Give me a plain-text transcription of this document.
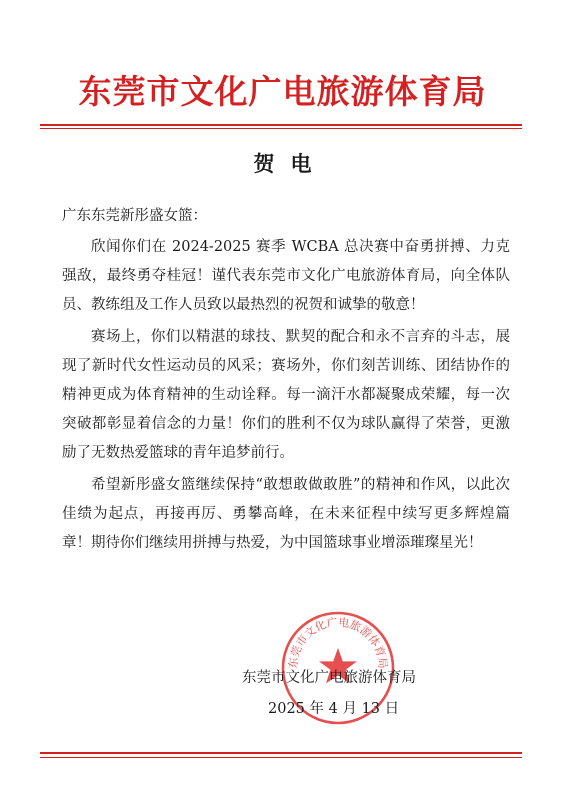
东莞市文化广电旅游体育局
贺电
广东东莞新彤盛女篮：

欣闻你们在 2024-2025 赛季 WCBA 总决赛中奋勇拼搏、力克强敌，最终勇夺桂冠！谨代表东莞市文化广电旅游体育局，向全体队员、教练组及工作人员致以最热烈的祝贺和诚挚的敬意！

赛场上，你们以精湛的球技、默契的配合和永不言弃的斗志，展现了新时代女性运动员的风采；赛场外，你们刻苦训练、团结协作的精神更成为体育精神的生动诠释。每一滴汗水都凝聚成荣耀，每一次突破都彰显着信念的力量！你们的胜利不仅为球队赢得了荣誉，更激励了无数热爱篮球的青年追梦前行。

希望新彤盛女篮继续保持“敢想敢做敢胜”的精神和作风，以此次佳绩为起点，再接再厉、勇攀高峰，在未来征程中续写更多辉煌篇章！期待你们继续用拼搏与热爱，为中国篮球事业增添璀璨星光！

东莞市文化广电旅游体育局
东莞市文化广电旅游体育局
2025 年 4 月 13 日
